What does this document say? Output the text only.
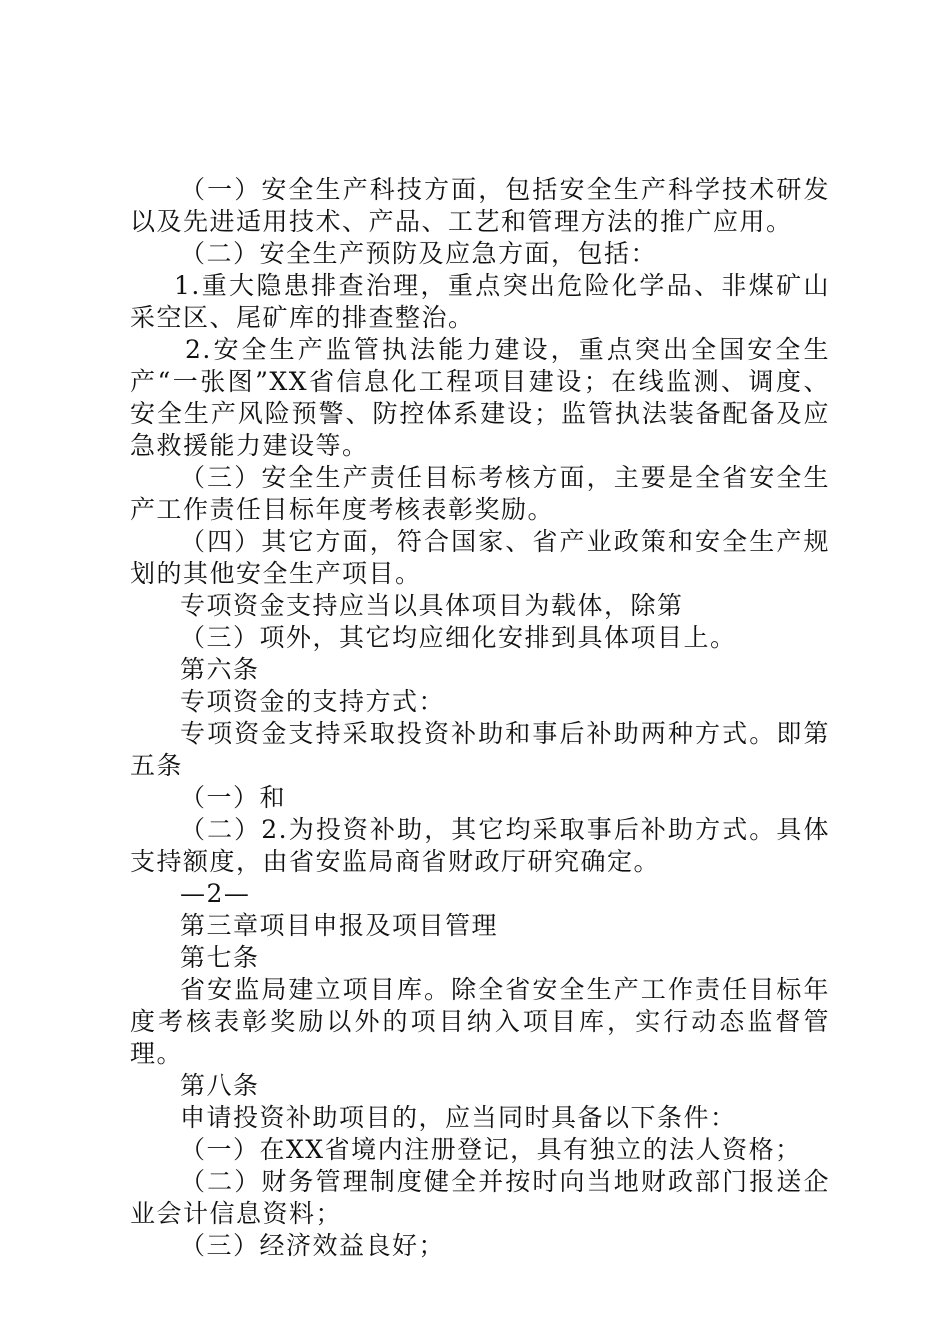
（一）安全生产科技方面，包括安全生产科学技术研发以及先进适用技术、产品、工艺和管理方法的推广应用。

（二）安全生产预防及应急方面，包括：

1.重大隐患排查治理，重点突出危险化学品、非煤矿山采空区、尾矿库的排查整治。

2.安全生产监管执法能力建设，重点突出全国安全生产“一张图”XX省信息化工程项目建设；在线监测、调度、安全生产风险预警、防控体系建设；监管执法装备配备及应急救援能力建设等。

（三）安全生产责任目标考核方面，主要是全省安全生产工作责任目标年度考核表彰奖励。

（四）其它方面，符合国家、省产业政策和安全生产规划的其他安全生产项目。

专项资金支持应当以具体项目为载体，除第

（三）项外，其它均应细化安排到具体项目上。

第六条

专项资金的支持方式：

专项资金支持采取投资补助和事后补助两种方式。即第五条

（一）和

（二）2.为投资补助，其它均采取事后补助方式。具体支持额度，由省安监局商省财政厅研究确定。

—2—

第三章项目申报及项目管理

第七条

省安监局建立项目库。除全省安全生产工作责任目标年度考核表彰奖励以外的项目纳入项目库，实行动态监督管理。

第八条

申请投资补助项目的，应当同时具备以下条件：

（一）在XX省境内注册登记，具有独立的法人资格；

（二）财务管理制度健全并按时向当地财政部门报送企业会计信息资料；

（三）经济效益良好；
